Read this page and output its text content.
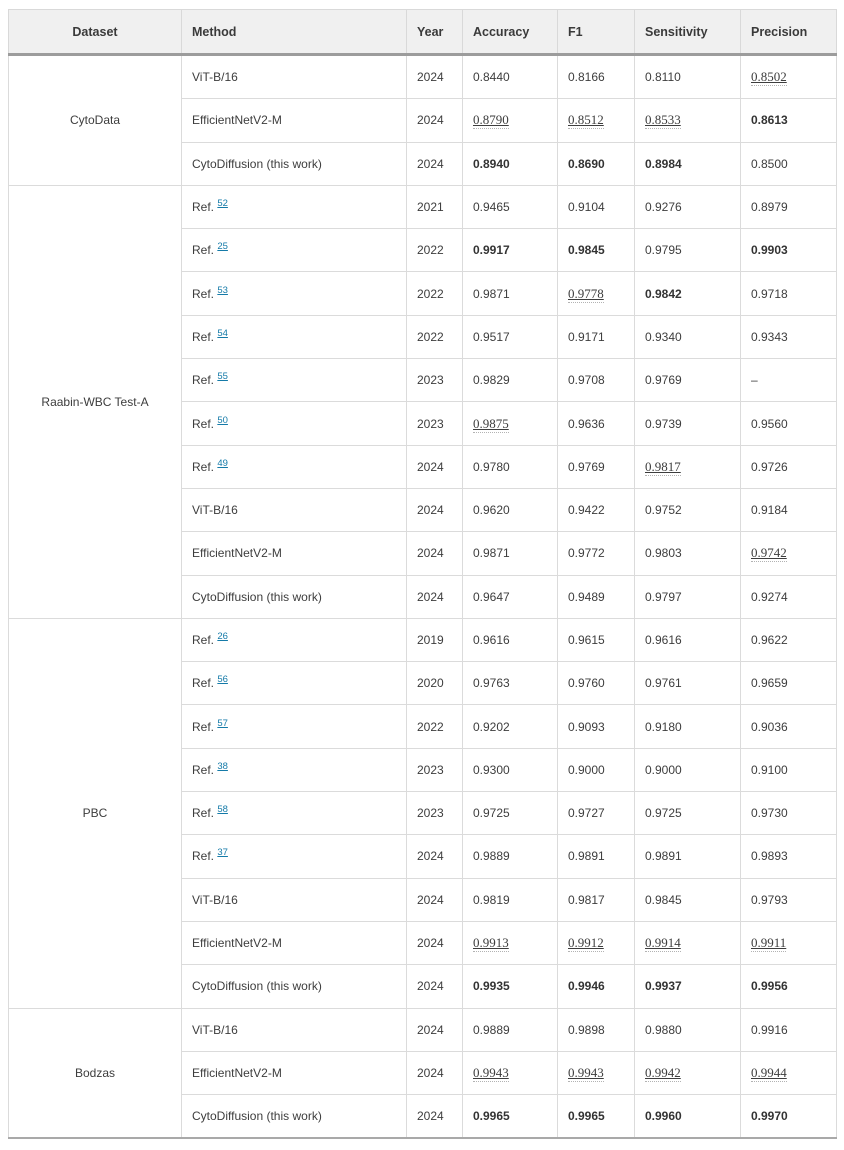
Dataset	Method	Year	Accuracy	F1	Sensitivity	Precision
CytoData	ViT-B/16	2024	0.8440	0.8166	0.8110	0.8502
	EfficientNetV2-M	2024	0.8790	0.8512	0.8533	0.8613
	CytoDiffusion (this work)	2024	0.8940	0.8690	0.8984	0.8500
Raabin-WBC Test-A	Ref. $^{52}$	2021	0.9465	0.9104	0.9276	0.8979
	Ref. $^{25}$	2022	0.9917	0.9845	0.9795	0.9903
	Ref. $^{53}$	2022	0.9871	0.9778	0.9842	0.9718
	Ref. $^{54}$	2022	0.9517	0.9171	0.9340	0.9343
	Ref. $^{55}$	2023	0.9829	0.9708	0.9769	–
	Ref. $^{50}$	2023	0.9875	0.9636	0.9739	0.9560
	Ref. $^{49}$	2024	0.9780	0.9769	0.9817	0.9726
	ViT-B/16	2024	0.9620	0.9422	0.9752	0.9184
	EfficientNetV2-M	2024	0.9871	0.9772	0.9803	0.9742
	CytoDiffusion (this work)	2024	0.9647	0.9489	0.9797	0.9274
PBC	Ref. $^{26}$	2019	0.9616	0.9615	0.9616	0.9622
	Ref. $^{56}$	2020	0.9763	0.9760	0.9761	0.9659
	Ref. $^{57}$	2022	0.9202	0.9093	0.9180	0.9036
	Ref. $^{38}$	2023	0.9300	0.9000	0.9000	0.9100
	Ref. $^{58}$	2023	0.9725	0.9727	0.9725	0.9730
	Ref. $^{37}$	2024	0.9889	0.9891	0.9891	0.9893
	ViT-B/16	2024	0.9819	0.9817	0.9845	0.9793
	EfficientNetV2-M	2024	0.9913	0.9912	0.9914	0.9911
	CytoDiffusion (this work)	2024	0.9935	0.9946	0.9937	0.9956
Bodzas	ViT-B/16	2024	0.9889	0.9898	0.9880	0.9916
	EfficientNetV2-M	2024	0.9943	0.9943	0.9942	0.9944
	CytoDiffusion (this work)	2024	0.9965	0.9965	0.9960	0.9970
